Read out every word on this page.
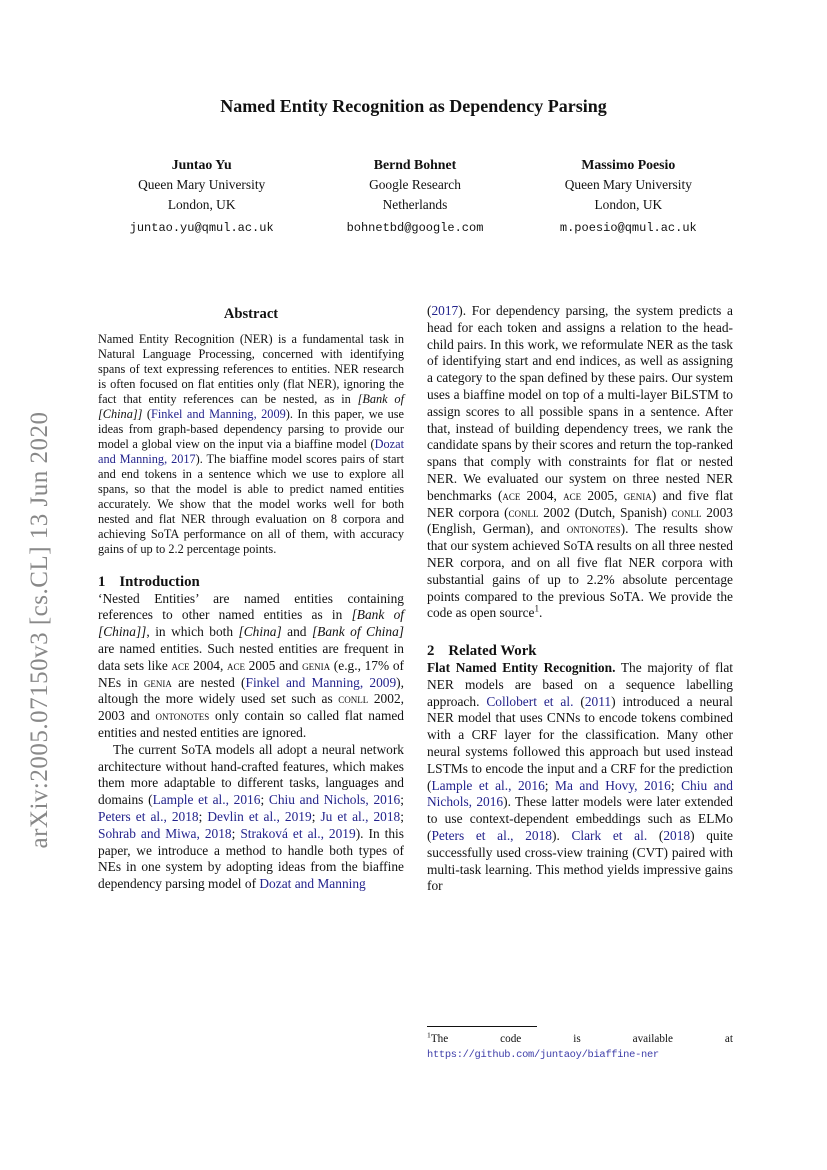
arXiv:2005.07150v3 [cs.CL] 13 Jun 2020
Named Entity Recognition as Dependency Parsing
Juntao Yu
Queen Mary University
London, UK
juntao.yu@qmul.ac.uk
Bernd Bohnet
Google Research
Netherlands
bohnetbd@google.com
Massimo Poesio
Queen Mary University
London, UK
m.poesio@qmul.ac.uk
Abstract

Named Entity Recognition (NER) is a fundamental task in Natural Language Processing, concerned with identifying spans of text expressing references to entities. NER research is often focused on flat entities only (flat NER), ignoring the fact that entity references can be nested, as in [Bank of [China]] (Finkel and Manning, 2009). In this paper, we use ideas from graph-based dependency parsing to provide our model a global view on the input via a biaffine model (Dozat and Manning, 2017). The biaffine model scores pairs of start and end tokens in a sentence which we use to explore all spans, so that the model is able to predict named entities accurately. We show that the model works well for both nested and flat NER through evaluation on 8 corpora and achieving SoTA performance on all of them, with accuracy gains of up to 2.2 percentage points.

1 Introduction

‘Nested Entities’ are named entities containing references to other named entities as in [Bank of [China]], in which both [China] and [Bank of China] are named entities. Such nested entities are frequent in data sets like ace 2004, ace 2005 and genia (e.g., 17% of NEs in genia are nested (Finkel and Manning, 2009), altough the more widely used set such as conll 2002, 2003 and ontonotes only contain so called flat named entities and nested entities are ignored.

The current SoTA models all adopt a neural network architecture without hand-crafted features, which makes them more adaptable to different tasks, languages and domains (Lample et al., 2016; Chiu and Nichols, 2016; Peters et al., 2018; Devlin et al., 2019; Ju et al., 2018; Sohrab and Miwa, 2018; Straková et al., 2019). In this paper, we introduce a method to handle both types of NEs in one system by adopting ideas from the biaffine dependency parsing model of Dozat and Manning

(2017). For dependency parsing, the system predicts a head for each token and assigns a relation to the head-child pairs. In this work, we reformulate NER as the task of identifying start and end indices, as well as assigning a category to the span defined by these pairs. Our system uses a biaffine model on top of a multi-layer BiLSTM to assign scores to all possible spans in a sentence. After that, instead of building dependency trees, we rank the candidate spans by their scores and return the top-ranked spans that comply with constraints for flat or nested NER. We evaluated our system on three nested NER benchmarks (ace 2004, ace 2005, genia) and five flat NER corpora (conll 2002 (Dutch, Spanish) conll 2003 (English, German), and ontonotes). The results show that our system achieved SoTA results on all three nested NER corpora, and on all five flat NER corpora with substantial gains of up to 2.2% absolute percentage points compared to the previous SoTA. We provide the code as open source$^1$.

2 Related Work

Flat Named Entity Recognition. The majority of flat NER models are based on a sequence labelling approach. Collobert et al. (2011) introduced a neural NER model that uses CNNs to encode tokens combined with a CRF layer for the classification. Many other neural systems followed this approach but used instead LSTMs to encode the input and a CRF for the prediction (Lample et al., 2016; Ma and Hovy, 2016; Chiu and Nichols, 2016). These latter models were later extended to use context-dependent embeddings such as ELMo (Peters et al., 2018). Clark et al. (2018) quite successfully used cross-view training (CVT) paired with multi-task learning. This method yields impressive gains for

$^1$The code is available at https://github.com/juntaoy/biaffine-ner
